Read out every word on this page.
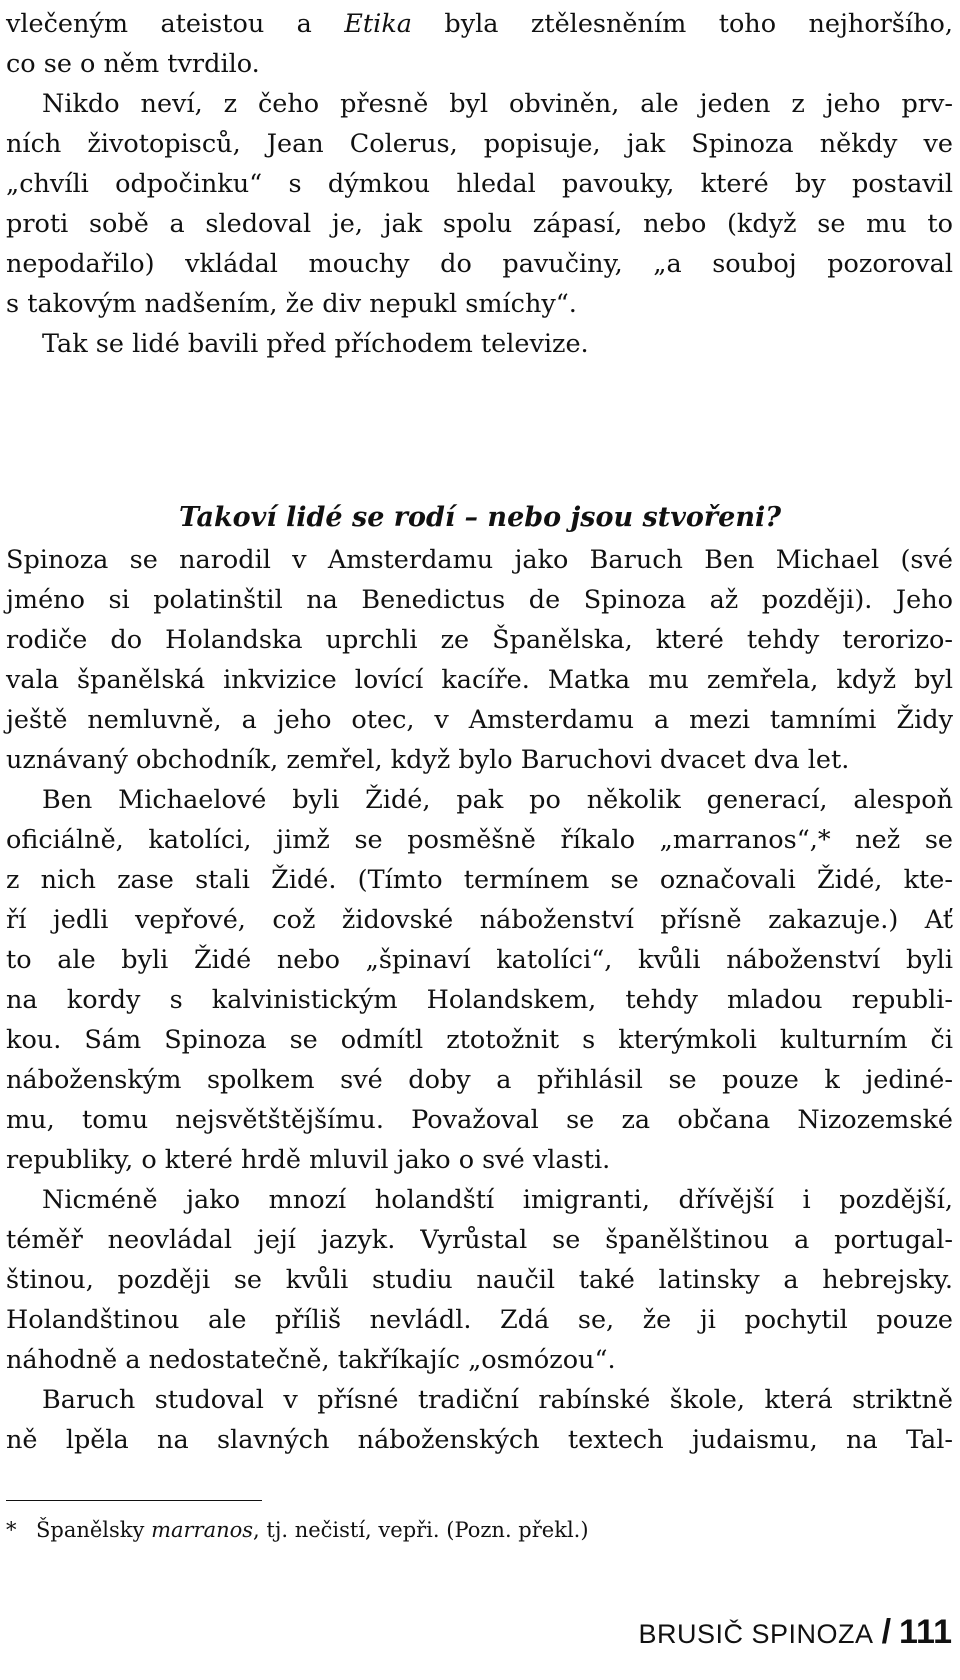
vlečeným ateistou a Etika byla ztělesněním toho nejhoršího,
co se o něm tvrdilo.
Nikdo neví, z čeho přesně byl obviněn, ale jeden z jeho prv-
ních životopisců, Jean Colerus, popisuje, jak Spinoza někdy ve
„chvíli odpočinku“ s dýmkou hledal pavouky, které by postavil
proti sobě a sledoval je, jak spolu zápasí, nebo (když se mu to
nepodařilo) vkládal mouchy do pavučiny, „a souboj pozoroval
s takovým nadšením, že div nepukl smíchy“.
Tak se lidé bavili před příchodem televize.
Takoví lidé se rodí – nebo jsou stvořeni?
Spinoza se narodil v Amsterdamu jako Baruch Ben Michael (své
jméno si polatinštil na Benedictus de Spinoza až později). Jeho
rodiče do Holandska uprchli ze Španělska, které tehdy terorizo-
vala španělská inkvizice lovící kacíře. Matka mu zemřela, když byl
ještě nemluvně, a jeho otec, v Amsterdamu a mezi tamními Židy
uznávaný obchodník, zemřel, když bylo Baruchovi dvacet dva let.
Ben Michaelové byli Židé, pak po několik generací, alespoň
oficiálně, katolíci, jimž se posměšně říkalo „marranos“,* než se
z nich zase stali Židé. (Tímto termínem se označovali Židé, kte-
ří jedli vepřové, což židovské náboženství přísně zakazuje.) Ať
to ale byli Židé nebo „špinaví katolíci“, kvůli náboženství byli
na kordy s kalvinistickým Holandskem, tehdy mladou republi-
kou. Sám Spinoza se odmítl ztotožnit s kterýmkoli kulturním či
náboženským spolkem své doby a přihlásil se pouze k jediné-
mu, tomu nejsvětštějšímu. Považoval se za občana Nizozemské
republiky, o které hrdě mluvil jako o své vlasti.
Nicméně jako mnozí holandští imigranti, dřívější i pozdější,
téměř neovládal její jazyk. Vyrůstal se španělštinou a portugal-
štinou, později se kvůli studiu naučil také latinsky a hebrejsky.
Holandštinou ale příliš nevládl. Zdá se, že ji pochytil pouze
náhodně a nedostatečně, takříkajíc „osmózou“.
Baruch studoval v přísné tradiční rabínské škole, která striktně
ně lpěla na slavných náboženských textech judaismu, na Tal-
* Španělsky marranos, tj. nečistí, vepři. (Pozn. překl.)
BRUSIČ SPINOZA / 111
